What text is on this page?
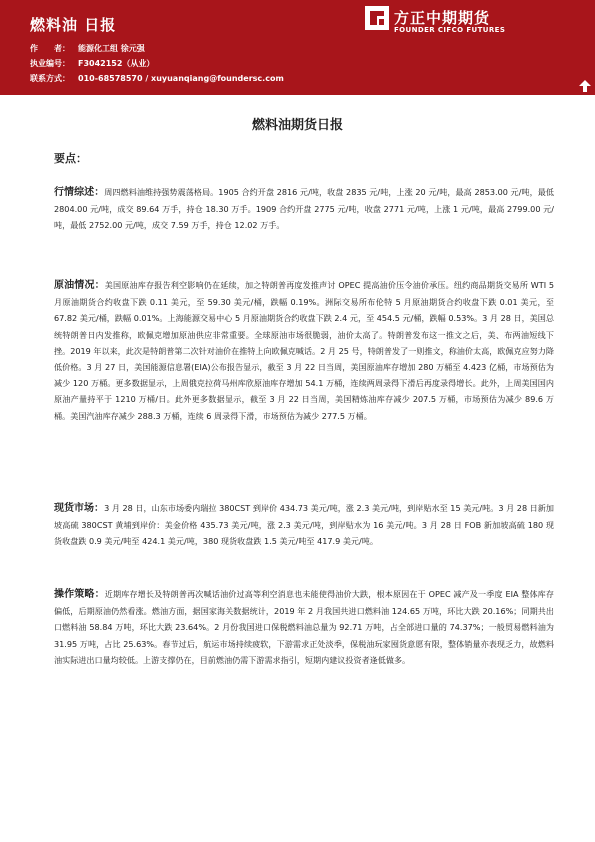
燃料油 日报
作　　者： 能源化工组 徐元强
执业编号： F3042152（从业）
联系方式： 010-68578570 / xuyuanqiang@foundersc.com
方正中期期货
FOUNDER CIFCO FUTURES
燃料油期货日报
要点：
行情综述：周四燃料油维持强势震荡格局。1905 合约开盘 2816 元/吨，收盘 2835 元/吨，上涨 20 元/吨，最高 2853.00 元/吨，最低 2804.00 元/吨，成交 89.64 万手，持仓 18.30 万手。1909 合约开盘 2775 元/吨，收盘 2771 元/吨，上涨 1 元/吨，最高 2799.00 元/吨，最低 2752.00 元/吨，成交 7.59 万手，持仓 12.02 万手。
原油情况：美国原油库存报告利空影响仍在延续，加之特朗普再度发推声讨 OPEC 提高油价压令油价承压。纽约商品期货交易所 WTI 5 月原油期货合约收盘下跌 0.11 美元，至 59.30 美元/桶，跌幅 0.19%。洲际交易所布伦特 5 月原油期货合约收盘下跌 0.01 美元，至 67.82 美元/桶，跌幅 0.01%。上海能源交易中心 5 月原油期货合约收盘下跌 2.4 元，至 454.5 元/桶，跌幅 0.53%。3 月 28 日，美国总统特朗普日内发推称，欧佩克增加原油供应非常重要。全球原油市场很脆弱，油价太高了。特朗普发布这一推文之后，美、布两油短线下挫。2019 年以来，此次是特朗普第二次针对油价在推特上向欧佩克喊话。2 月 25 号，特朗普发了一则推文，称油价太高，欧佩克应努力降低价格。3 月 27 日，美国能源信息署(EIA)公布报告显示，截至 3 月 22 日当周，美国原油库存增加 280 万桶至 4.423 亿桶，市场预估为减少 120 万桶。更多数据显示，上周俄克拉荷马州库欣原油库存增加 54.1 万桶，连续两周录得下滑后再度录得增长。此外，上周美国国内原油产量持平于 1210 万桶/日。此外更多数据显示，截至 3 月 22 日当周，美国精炼油库存减少 207.5 万桶，市场预估为减少 89.6 万桶。美国汽油库存减少 288.3 万桶，连续 6 周录得下滑，市场预估为减少 277.5 万桶。
现货市场：3 月 28 日，山东市场委内瑞拉 380CST 到岸价 434.73 美元/吨，涨 2.3 美元/吨，到岸贴水至 15 美元/吨。3 月 28 日新加坡高硫 380CST 黄埔到岸价：美金价格 435.73 美元/吨，涨 2.3 美元/吨，到岸贴水为 16 美元/吨。3 月 28 日 FOB 新加坡高硫 180 现货收盘跌 0.9 美元/吨至 424.1 美元/吨，380 现货收盘跌 1.5 美元/吨至 417.9 美元/吨。
操作策略：近期库存增长及特朗普再次喊话油价过高等利空消息也未能使得油价大跌，根本原因在于 OPEC 减产及一季度 EIA 整体库存偏低，后期原油仍然看涨。燃油方面，据国家海关数据统计，2019 年 2 月我国共进口燃料油 124.65 万吨，环比大跌 20.16%；同期共出口燃料油 58.84 万吨，环比大跌 23.64%。2 月份我国进口保税燃料油总量为 92.71 万吨，占全部进口量的 74.37%；一般贸易燃料油为 31.95 万吨，占比 25.63%。春节过后，航运市场持续疲软，下游需求正处淡季，保税油玩家囤货意愿有限，整体销量亦表现乏力，故燃料油实际进出口量均较低。上游支撑仍在，目前燃油仍需下游需求指引，短期内建议投资者逢低做多。
